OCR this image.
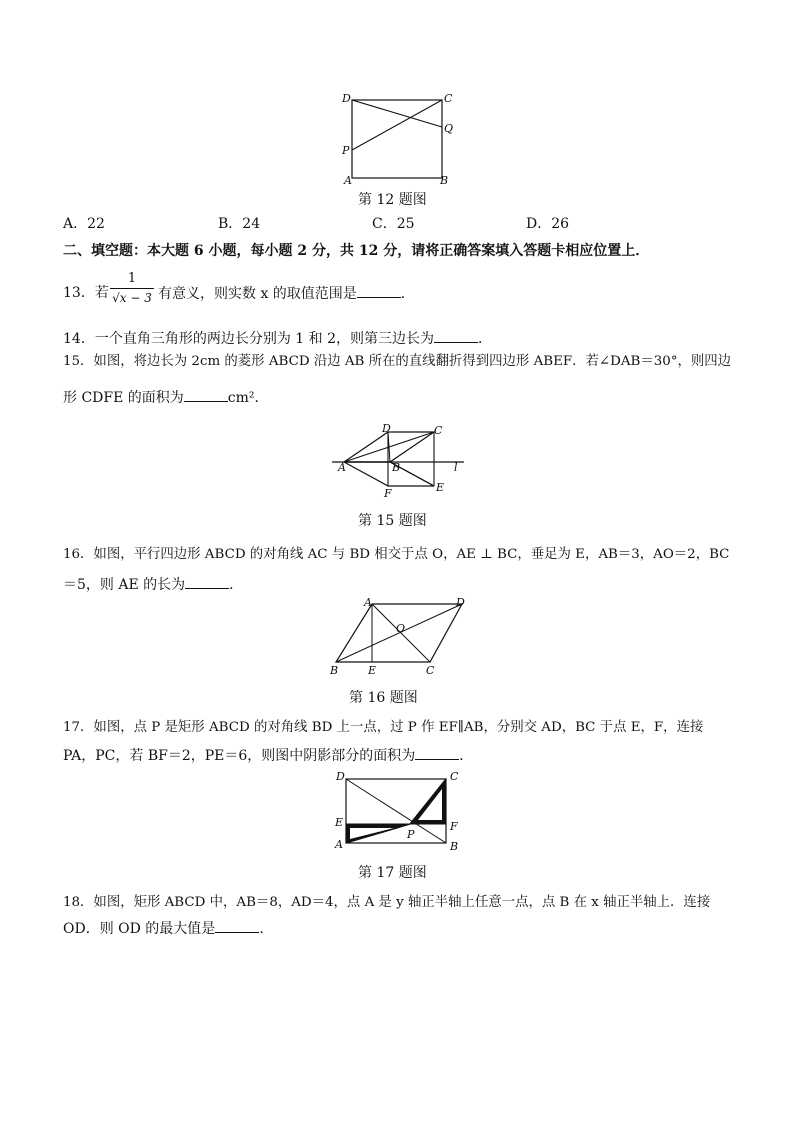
D	C
Q
P
A	B
第 12 题图
A．22	B．24	C．25	D．26
二、填空题：本大题 6 小题，每小题 2 分，共 12 分，请将正确答案填入答题卡相应位置上．
13．若
1
√x − 3 有意义，则实数 x 的取值范围是	．
14．一个直角三角形的两边长分别为 1 和 2，则第三边长为	．
15．如图，将边长为 2cm 的菱形 ABCD 沿边 AB 所在的直线翻折得到四边形 ABEF．若∠DAB＝30°，则四边
形 CDFE 的面积为	cm²．
D	C
A	B	l
F	E
第 15 题图
16．如图，平行四边形 ABCD 的对角线 AC 与 BD 相交于点 O，AE ⊥ BC，垂足为 E，AB＝3，AO＝2，BC
＝5，则 AE 的长为	．
A	D
O
B	E	C
第 16 题图
17．如图，点 P 是矩形 ABCD 的对角线 BD 上一点，过 P 作 EF∥AB，分别交 AD，BC 于点 E，F，连接
PA，PC，若 BF＝2，PE＝6，则图中阴影部分的面积为	．
D	C
E	F
A
P
B
第 17 题图
18．如图，矩形 ABCD 中，AB＝8，AD＝4，点 A 是 y 轴正半轴上任意一点，点 B 在 x 轴正半轴上．连接
OD．则 OD 的最大值是	．
